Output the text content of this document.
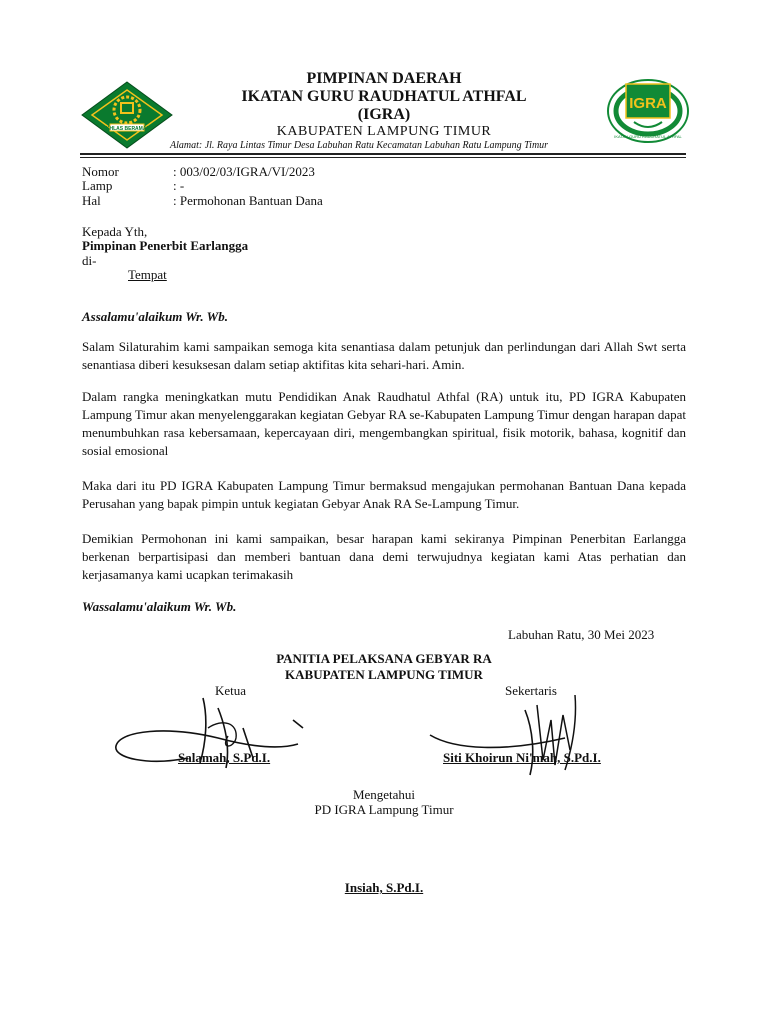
IKHLAS BERAMAL
IGRA
IKATAN GURU RAUDHATUL ATHFAL
PIMPINAN DAERAH
IKATAN GURU RAUDHATUL ATHFAL
(IGRA)
KABUPATEN LAMPUNG TIMUR
Alamat: Jl. Raya Lintas Timur Desa Labuhan Ratu Kecamatan Labuhan Ratu Lampung Timur
Nomor	: 003/02/03/IGRA/VI/2023
Lamp	: -
Hal	: Permohonan Bantuan Dana
Kepada Yth,
Pimpinan Penerbit Earlangga
di-
Tempat
Assalamu'alaikum Wr. Wb.

Salam Silaturahim kami sampaikan semoga kita senantiasa dalam petunjuk dan perlindungan dari Allah Swt serta senantiasa diberi kesuksesan dalam setiap aktifitas kita sehari-hari. Amin.

Dalam rangka meningkatkan mutu Pendidikan Anak Raudhatul Athfal (RA) untuk itu, PD IGRA Kabupaten Lampung Timur akan menyelenggarakan kegiatan Gebyar RA se-Kabupaten Lampung Timur dengan harapan dapat menumbuhkan rasa kebersamaan, kepercayaan diri, mengembangkan spiritual, fisik motorik, bahasa, kognitif dan sosial emosional

Maka dari itu PD IGRA Kabupaten Lampung Timur bermaksud mengajukan permohanan Bantuan Dana kepada Perusahan yang bapak pimpin untuk kegiatan Gebyar Anak RA Se-Lampung Timur.

Demikian Permohonan ini kami sampaikan, besar harapan kami sekiranya Pimpinan Penerbitan Earlangga berkenan berpartisipasi dan memberi bantuan dana demi terwujudnya kegiatan kami Atas perhatian dan kerjasamanya kami ucapkan terimakasih

Wassalamu'alaikum Wr. Wb.
Labuhan Ratu, 30 Mei 2023
PANITIA PELAKSANA GEBYAR RA
KABUPATEN LAMPUNG TIMUR
Ketua	Sekertaris
Salamah, S.Pd.I.	Siti Khoirun Ni'mah, S.Pd.I.
Mengetahui
PD IGRA Lampung Timur
Insiah, S.Pd.I.
